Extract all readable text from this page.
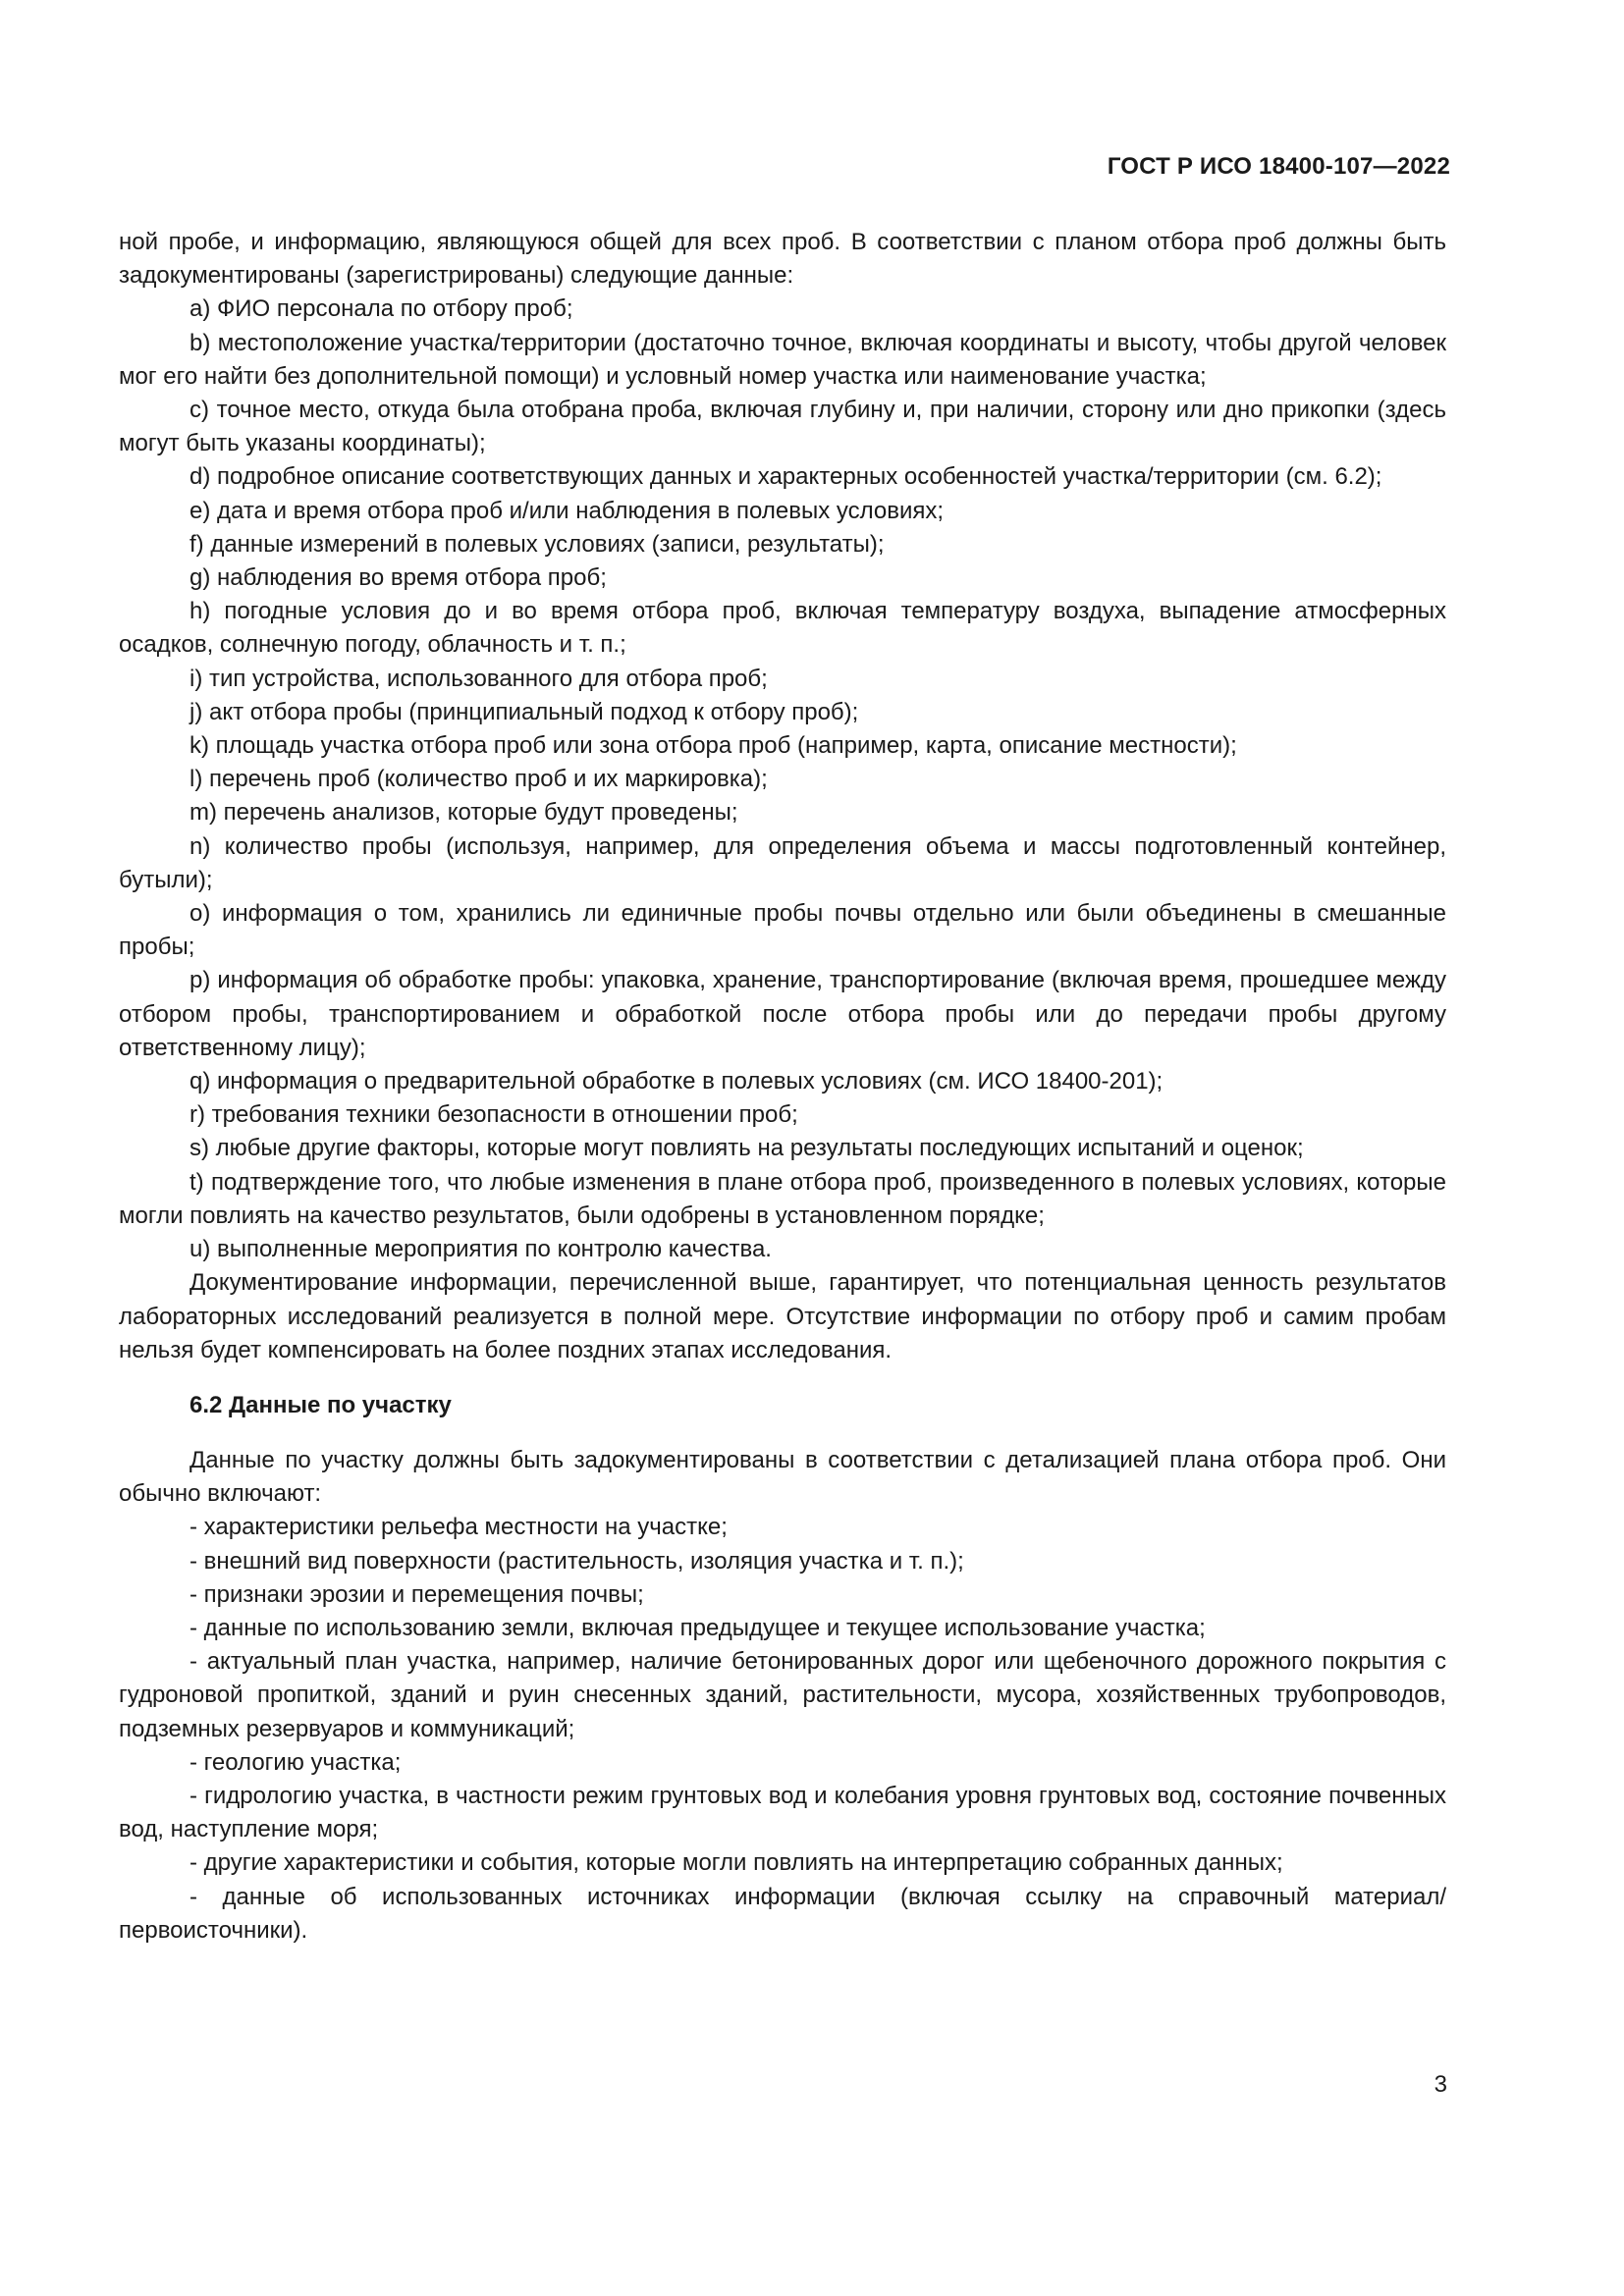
ГОСТ Р ИСО 18400-107—2022

ной пробе, и информацию, являющуюся общей для всех проб. В соответствии с планом отбора проб должны быть задокументированы (зарегистрированы) следующие данные:

a) ФИО персонала по отбору проб;

b) местоположение участка/территории (достаточно точное, включая координаты и высоту, чтобы другой человек мог его найти без дополнительной помощи) и условный номер участка или наименование участка;

c) точное место, откуда была отобрана проба, включая глубину и, при наличии, сторону или дно прикопки (здесь могут быть указаны координаты);

d) подробное описание соответствующих данных и характерных особенностей участка/территории (см. 6.2);

e) дата и время отбора проб и/или наблюдения в полевых условиях;

f) данные измерений в полевых условиях (записи, результаты);

g) наблюдения во время отбора проб;

h) погодные условия до и во время отбора проб, включая температуру воздуха, выпадение атмосферных осадков, солнечную погоду, облачность и т. п.;

i) тип устройства, использованного для отбора проб;

j) акт отбора пробы (принципиальный подход к отбору проб);

k) площадь участка отбора проб или зона отбора проб (например, карта, описание местности);

l) перечень проб (количество проб и их маркировка);

m) перечень анализов, которые будут проведены;

n) количество пробы (используя, например, для определения объема и массы подготовленный контейнер, бутыли);

o) информация о том, хранились ли единичные пробы почвы отдельно или были объединены в смешанные пробы;

p) информация об обработке пробы: упаковка, хранение, транспортирование (включая время, прошедшее между отбором пробы, транспортированием и обработкой после отбора пробы или до передачи пробы другому ответственному лицу);

q) информация о предварительной обработке в полевых условиях (см. ИСО 18400-201);

r) требования техники безопасности в отношении проб;

s) любые другие факторы, которые могут повлиять на результаты последующих испытаний и оценок;

t) подтверждение того, что любые изменения в плане отбора проб, произведенного в полевых условиях, которые могли повлиять на качество результатов, были одобрены в установленном порядке;

u) выполненные мероприятия по контролю качества.

Документирование информации, перечисленной выше, гарантирует, что потенциальная ценность результатов лабораторных исследований реализуется в полной мере. Отсутствие информации по отбору проб и самим пробам нельзя будет компенсировать на более поздних этапах исследования.

6.2 Данные по участку

Данные по участку должны быть задокументированы в соответствии с детализацией плана отбора проб. Они обычно включают:

- характеристики рельефа местности на участке;

- внешний вид поверхности (растительность, изоляция участка и т. п.);

- признаки эрозии и перемещения почвы;

- данные по использованию земли, включая предыдущее и текущее использование участка;

- актуальный план участка, например, наличие бетонированных дорог или щебеночного дорожного покрытия с гудроновой пропиткой, зданий и руин снесенных зданий, растительности, мусора, хозяйственных трубопроводов, подземных резервуаров и коммуникаций;

- геологию участка;

- гидрологию участка, в частности режим грунтовых вод и колебания уровня грунтовых вод, состояние почвенных вод, наступление моря;

- другие характеристики и события, которые могли повлиять на интерпретацию собранных данных;

- данные об использованных источниках информации (включая ссылку на справочный материал/первоисточники).

3
